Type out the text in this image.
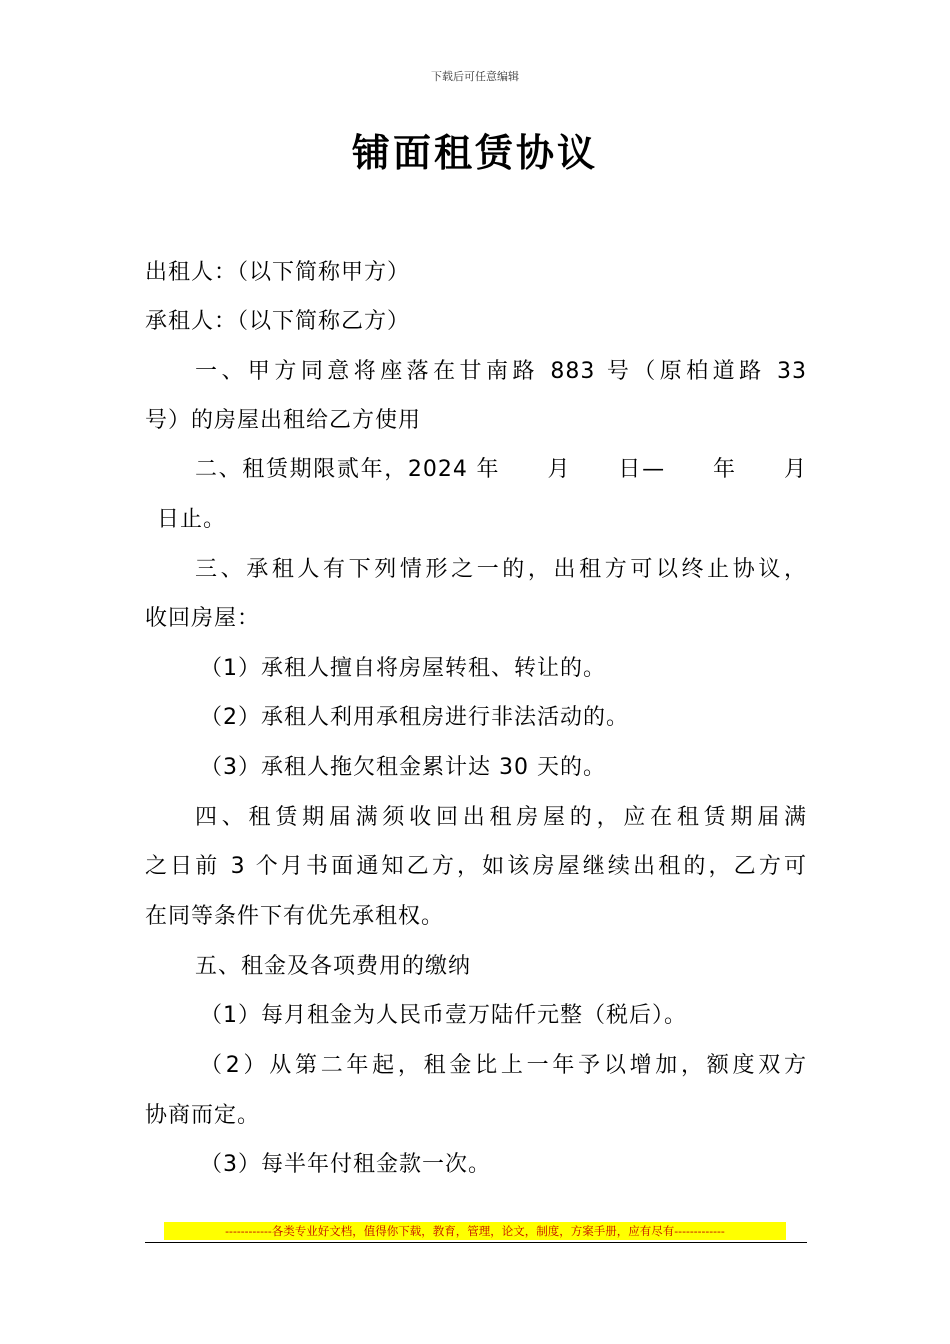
下载后可任意编辑
铺面租赁协议
出租人：（以下简称甲方）
承租人：（以下简称乙方）
一、甲方同意将座落在甘南路 883 号（原柏道路 33
号）的房屋出租给乙方使用
二、租赁期限贰年，2024 年　　月　　日—　　年　　月
日止。
三、承租人有下列情形之一的，出租方可以终止协议，
收回房屋：
（1）承租人擅自将房屋转租、转让的。
（2）承租人利用承租房进行非法活动的。
（3）承租人拖欠租金累计达 30 天的。
四、租赁期届满须收回出租房屋的，应在租赁期届满
之日前 3 个月书面通知乙方，如该房屋继续出租的，乙方可
在同等条件下有优先承租权。
五、租金及各项费用的缴纳
（1）每月租金为人民币壹万陆仟元整（税后）。
（2）从第二年起，租金比上一年予以增加，额度双方
协商而定。
（3）每半年付租金款一次。
------------各类专业好文档，值得你下载，教育，管理，论文，制度，方案手册，应有尽有-------------
